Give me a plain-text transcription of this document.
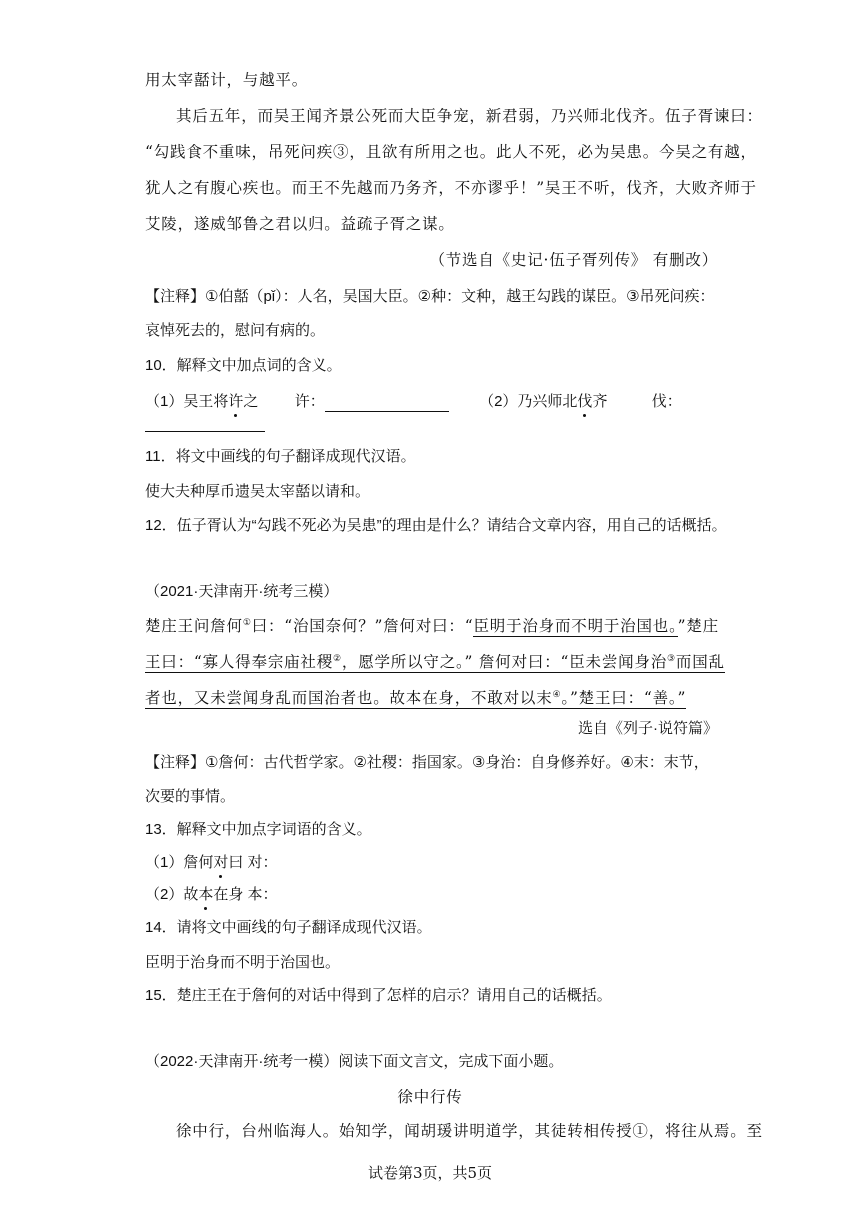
用太宰嚭计，与越平。
其后五年，而吴王闻齐景公死而大臣争宠，新君弱，乃兴师北伐齐。伍子胥谏曰：
“勾践食不重味，吊死问疾③，且欲有所用之也。此人不死，必为吴患。今吴之有越，
犹人之有腹心疾也。而王不先越而乃务齐，不亦谬乎！”吴王不听，伐齐，大败齐师于
艾陵，遂威邹鲁之君以归。益疏子胥之谋。
（节选自《史记·伍子胥列传》 有删改）
【注释】①伯嚭（pǐ）：人名，吴国大臣。②种：文种，越王勾践的谋臣。③吊死问疾：
哀悼死去的，慰问有病的。
10．解释文中加点词的含义。
（1）吴王将许之 许：	（2）乃兴师北伐齐	伐：
11．将文中画线的句子翻译成现代汉语。
使大夫种厚币遗吴太宰嚭以请和。
12．伍子胥认为“勾践不死必为吴患”的理由是什么？请结合文章内容，用自己的话概括。
（2021·天津南开·统考三模）
楚庄王问詹何①曰：“治国奈何？”詹何对曰：“臣明于治身而不明于治国也。”楚庄
王曰：“寡人得奉宗庙社稷②，愿学所以守之。” 詹何对曰：“臣未尝闻身治③而国乱
者也，又未尝闻身乱而国治者也。故本在身，不敢对以末④。”楚王曰：“善。”
选自《列子·说符篇》
【注释】①詹何：古代哲学家。②社稷：指国家。③身治：自身修养好。④末：末节，
次要的事情。
13．解释文中加点字词语的含义。
（1）詹何对曰 对：
（2）故本在身 本：
14．请将文中画线的句子翻译成现代汉语。
臣明于治身而不明于治国也。
15．楚庄王在于詹何的对话中得到了怎样的启示？请用自己的话概括。
（2022·天津南开·统考一模）阅读下面文言文，完成下面小题。
徐中行传
徐中行，台州临海人。始知学，闻胡瑗讲明道学，其徒转相传授①，将往从焉。至
试卷第3页，共5页
